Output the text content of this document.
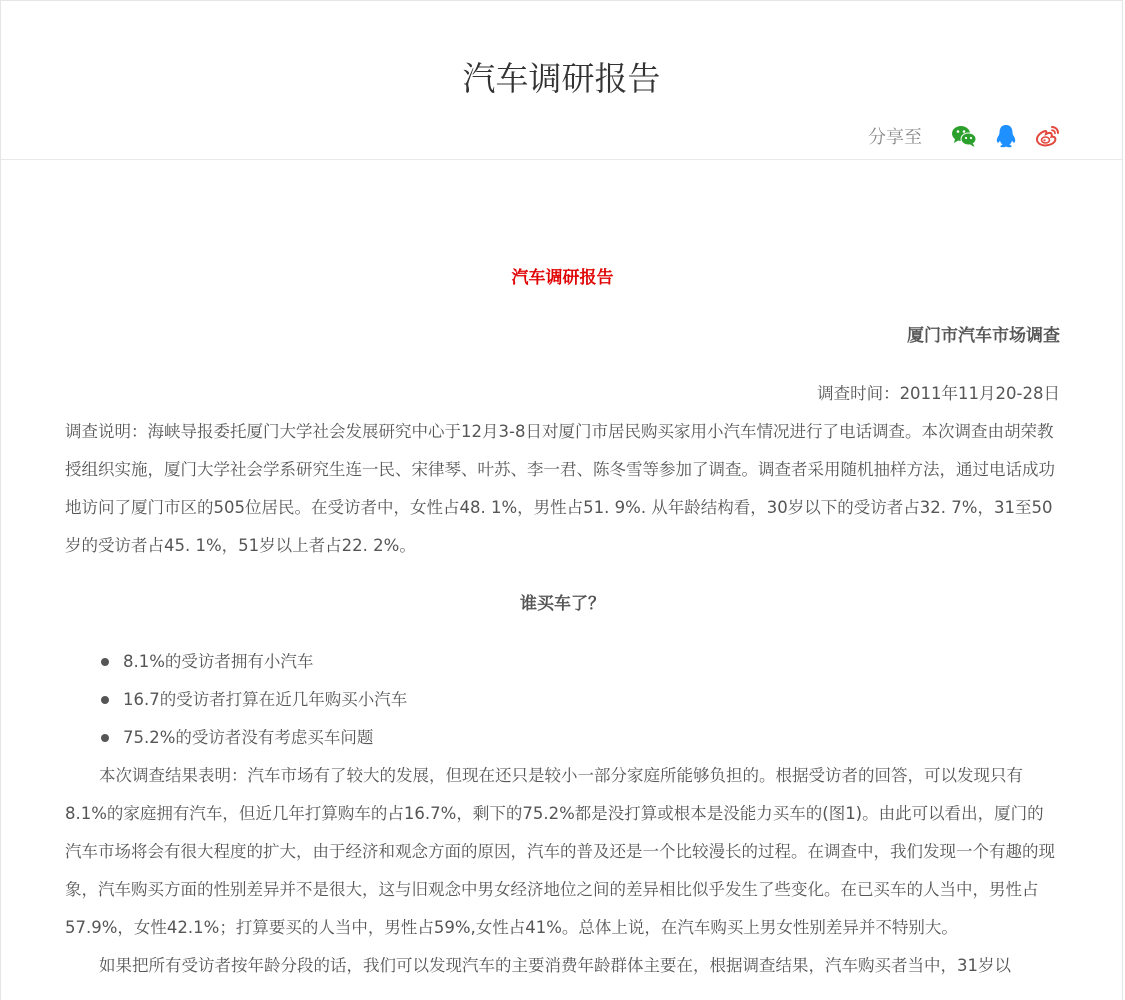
汽车调研报告
分享至

汽车调研报告

厦门市汽车市场调查

调查时间：2011年11月20-28日

调查说明：海峡导报委托厦门大学社会发展研究中心于12月3-8日对厦门市居民购买家用小汽车情况进行了电话调查。本次调查由胡荣教授组织实施，厦门大学社会学系研究生连一民、宋律琴、叶苏、李一君、陈冬雪等参加了调查。调查者采用随机抽样方法，通过电话成功地访问了厦门市区的505位居民。在受访者中，女性占48. 1%，男性占51. 9%. 从年龄结构看，30岁以下的受访者占32. 7%，31至50岁的受访者占45. 1%，51岁以上者占22. 2%。

谁买车了？

8.1%的受访者拥有小汽车
16.7的受访者打算在近几年购买小汽车
75.2%的受访者没有考虑买车问题

本次调查结果表明：汽车市场有了较大的发展，但现在还只是较小一部分家庭所能够负担的。根据受访者的回答，可以发现只有8.1%的家庭拥有汽车，但近几年打算购车的占16.7%，剩下的75.2%都是没打算或根本是没能力买车的(图1)。由此可以看出，厦门的汽车市场将会有很大程度的扩大，由于经济和观念方面的原因，汽车的普及还是一个比较漫长的过程。在调查中，我们发现一个有趣的现象，汽车购买方面的性别差异并不是很大，这与旧观念中男女经济地位之间的差异相比似乎发生了些变化。在已买车的人当中，男性占57.9%，女性42.1%；打算要买的人当中，男性占59%,女性占41%。总体上说，在汽车购买上男女性别差异并不特别大。

如果把所有受访者按年龄分段的话，我们可以发现汽车的主要消费年龄群体主要在，根据调查结果，汽车购买者当中，31岁以
